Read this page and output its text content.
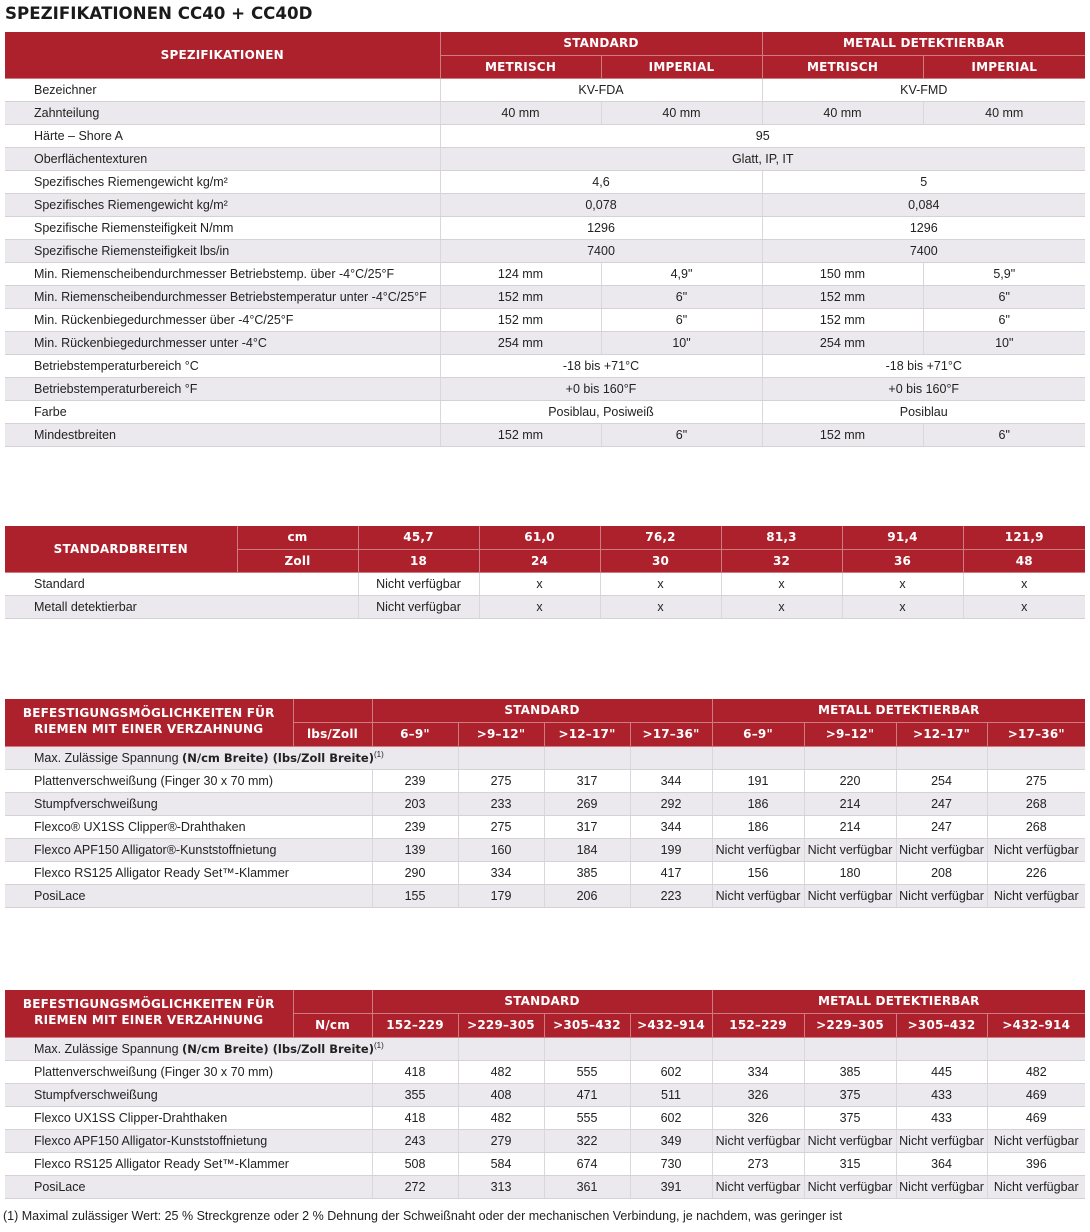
SPEZIFIKATIONEN CC40 + CC40D
SPEZIFIKATIONEN	STANDARD		METALL DETEKTIERBAR	
	METRISCH	IMPERIAL	METRISCH	IMPERIAL
Bezeichner	KV-FDA		KV-FMD	
Zahnteilung	40 mm	40 mm	40 mm	40 mm
Härte – Shore A	95			
Oberflächentexturen	Glatt, IP, IT			
Spezifisches Riemengewicht kg/m²	4,6		5	
Spezifisches Riemengewicht kg/m²	0,078		0,084	
Spezifische Riemensteifigkeit N/mm	1296		1296	
Spezifische Riemensteifigkeit lbs/in	7400		7400	
Min. Riemenscheibendurchmesser Betriebstemp. über -4°C/25°F	124 mm	4,9"	150 mm	5,9"
Min. Riemenscheibendurchmesser Betriebstemperatur unter -4°C/25°F	152 mm	6"	152 mm	6"
Min. Rückenbiegedurchmesser über -4°C/25°F	152 mm	6"	152 mm	6"
Min. Rückenbiegedurchmesser unter -4°C	254 mm	10"	254 mm	10"
Betriebstemperaturbereich °C	-18 bis +71°C		-18 bis +71°C	
Betriebstemperaturbereich °F	+0 bis 160°F		+0 bis 160°F	
Farbe	Posiblau, Posiweiß		Posiblau	
Mindestbreiten	152 mm	6"	152 mm	6"
STANDARDBREITEN	cm	45,7	61,0	76,2	81,3	91,4	121,9
	Zoll	18	24	30	32	36	48
Standard		Nicht verfügbar	x	x	x	x	x
Metall detektierbar		Nicht verfügbar	x	x	x	x	x
BEFESTIGUNGSMÖGLICHKEITEN FÜR
RIEMEN MIT EINER VERZAHNUNG		STANDARD				METALL DETEKTIERBAR			
	lbs/Zoll	6–9"	>9–12"	>12–17"	>17–36"	6–9"	>9–12"	>12–17"	>17–36"
Max. Zulässige Spannung (N/cm Breite) (lbs/Zoll Breite)$^{(1)}$								
Plattenverschweißung (Finger 30 x 70 mm)		239	275	317	344	191	220	254	275
Stumpfverschweißung		203	233	269	292	186	214	247	268
Flexco® UX1SS Clipper®-Drahthaken		239	275	317	344	186	214	247	268
Flexco APF150 Alligator®-Kunststoffnietung		139	160	184	199	Nicht verfügbar	Nicht verfügbar	Nicht verfügbar	Nicht verfügbar
Flexco RS125 Alligator Ready Set™-Klammer		290	334	385	417	156	180	208	226
PosiLace		155	179	206	223	Nicht verfügbar	Nicht verfügbar	Nicht verfügbar	Nicht verfügbar
BEFESTIGUNGSMÖGLICHKEITEN FÜR
RIEMEN MIT EINER VERZAHNUNG		STANDARD				METALL DETEKTIERBAR			
	N/cm	152–229	>229–305	>305–432	>432–914	152–229	>229–305	>305–432	>432–914
Max. Zulässige Spannung (N/cm Breite) (lbs/Zoll Breite)$^{(1)}$								
Plattenverschweißung (Finger 30 x 70 mm)		418	482	555	602	334	385	445	482
Stumpfverschweißung		355	408	471	511	326	375	433	469
Flexco UX1SS Clipper-Drahthaken		418	482	555	602	326	375	433	469
Flexco APF150 Alligator-Kunststoffnietung		243	279	322	349	Nicht verfügbar	Nicht verfügbar	Nicht verfügbar	Nicht verfügbar
Flexco RS125 Alligator Ready Set™-Klammer		508	584	674	730	273	315	364	396
PosiLace		272	313	361	391	Nicht verfügbar	Nicht verfügbar	Nicht verfügbar	Nicht verfügbar
(1) Maximal zulässiger Wert: 25 % Streckgrenze oder 2 % Dehnung der Schweißnaht oder der mechanischen Verbindung, je nachdem, was geringer ist
